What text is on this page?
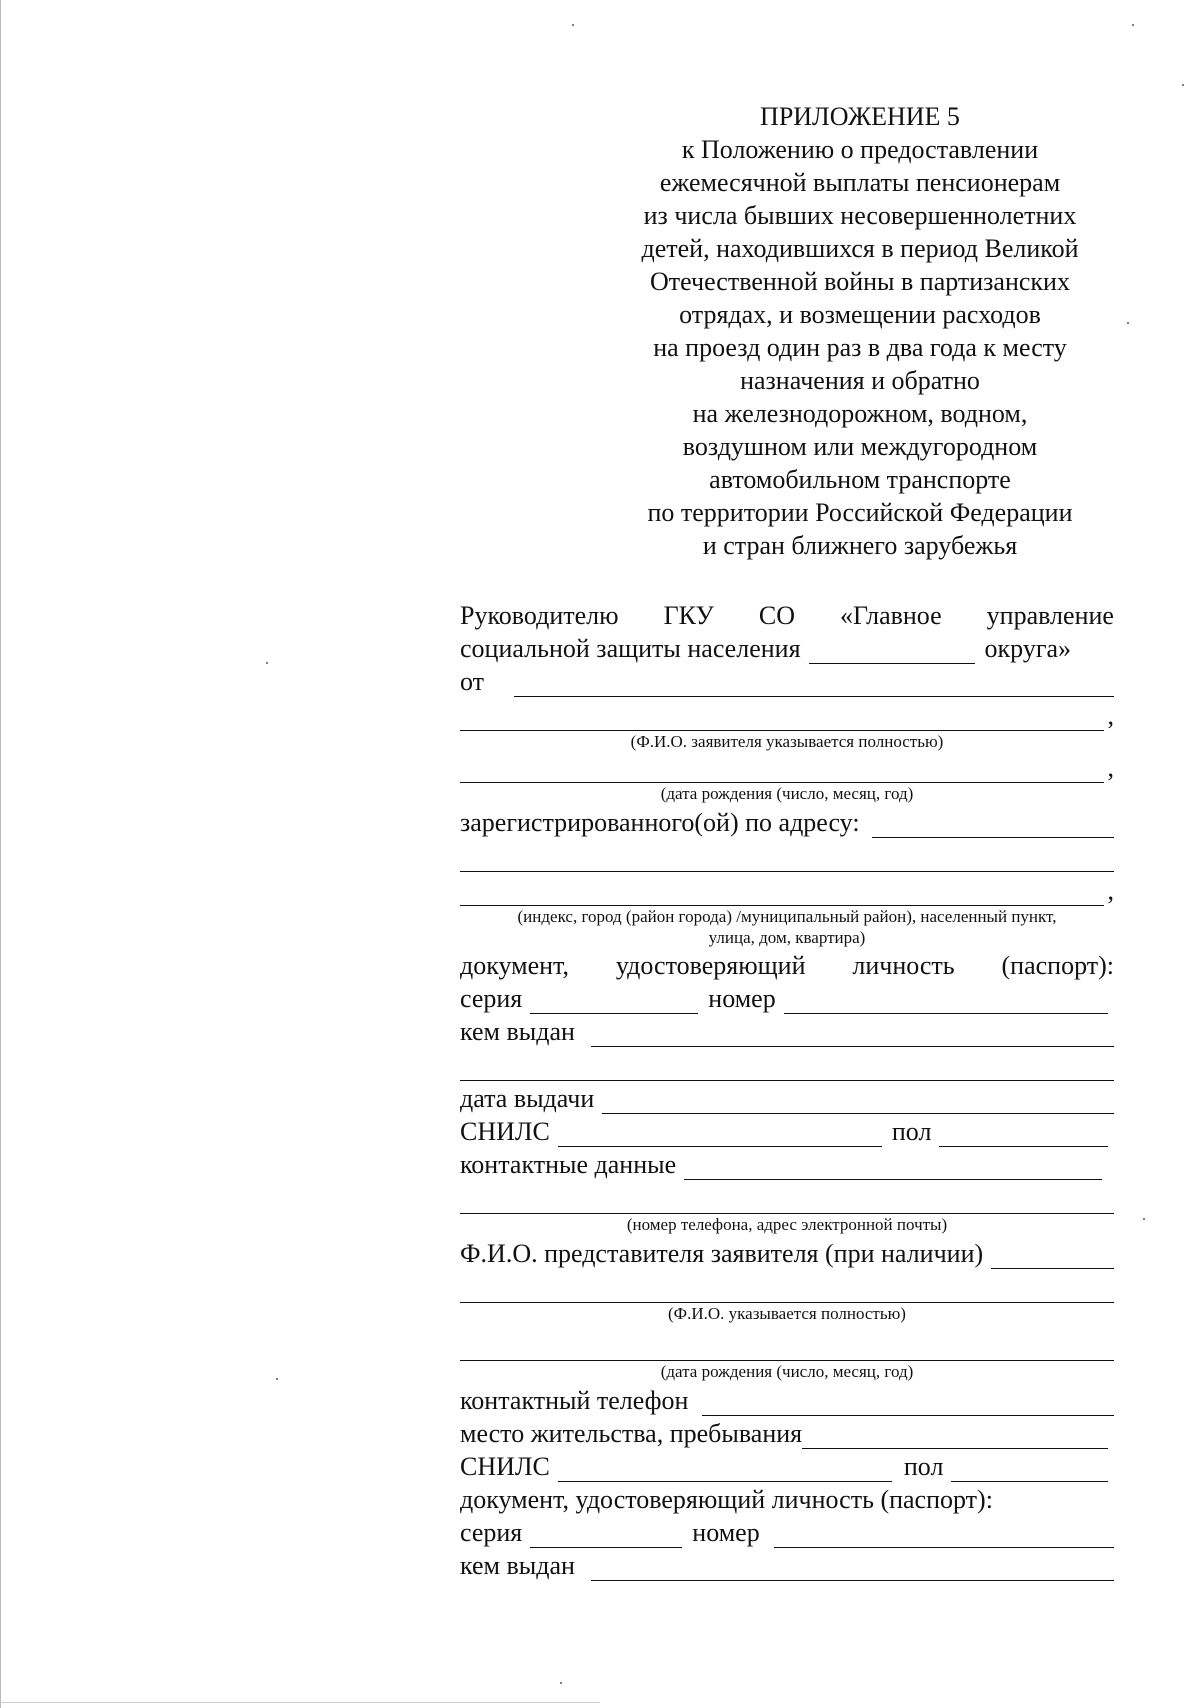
ПРИЛОЖЕНИЕ 5
к Положению о предоставлении
ежемесячной выплаты пенсионерам
из числа бывших несовершеннолетних
детей, находившихся в период Великой
Отечественной войны в партизанских
отрядах, и возмещении расходов
на проезд один раз в два года к месту
назначения и обратно
на железнодорожном, водном,
воздушном или междугородном
автомобильном транспорте
по территории Российской Федерации
и стран ближнего зарубежья
Руководителю ГКУ СО «Главное управление
социальной защиты населения	округа»
от
,
(Ф.И.О. заявителя указывается полностью)
,
(дата рождения (число, месяц, год)
зарегистрированного(ой) по адресу:
,
(индекс, город (район города) /муниципальный район), населенный пункт,
улица, дом, квартира)
документ, удостоверяющий личность (паспорт):
серия	номер
кем выдан
дата выдачи
СНИЛС	пол
контактные данные
(номер телефона, адрес электронной почты)
Ф.И.О. представителя заявителя (при наличии)
(Ф.И.О. указывается полностью)
(дата рождения (число, месяц, год)
контактный телефон
место жительства, пребывания
СНИЛС	пол
документ, удостоверяющий личность (паспорт):
серия	номер
кем выдан
